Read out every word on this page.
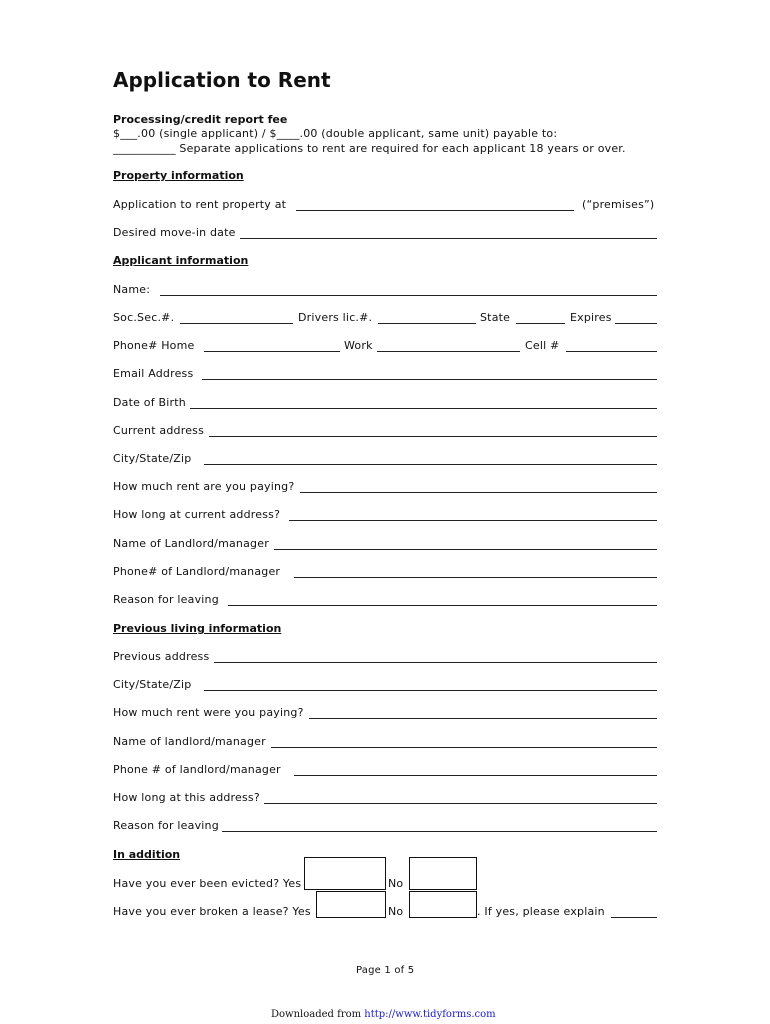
Application to Rent
Processing/credit report fee
$___.00 (single applicant) / $____.00 (double applicant, same unit) payable to:
___________ Separate applications to rent are required for each applicant 18 years or over.
Property information
Application to rent property at	(“premises”)
Desired move-in date
Applicant information
Name:
Soc.Sec.#.	Drivers lic.#.	State	Expires
Phone# Home	Work	Cell #
Email Address
Date of Birth
Current address
City/State/Zip
How much rent are you paying?
How long at current address?
Name of Landlord/manager
Phone# of Landlord/manager
Reason for leaving
Previous living information
Previous address
City/State/Zip
How much rent were you paying?
Name of landlord/manager
Phone # of landlord/manager
How long at this address?
Reason for leaving
In addition
Have you ever been evicted? Yes	No
Have you ever broken a lease? Yes	No	. If yes, please explain
Page 1 of 5
Downloaded from http://www.tidyforms.com
